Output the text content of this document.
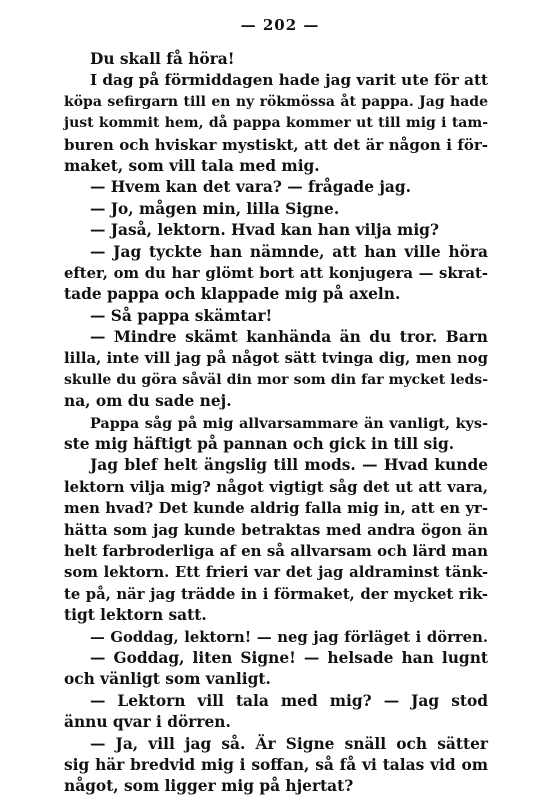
— 202 —
Du skall få höra!
I dag på förmiddagen hade jag varit ute för att
köpa sefirgarn till en ny rökmössa åt pappa. Jag hade
just kommit hem, då pappa kommer ut till mig i tam-
buren och hviskar mystiskt, att det är någon i för-
maket, som vill tala med mig.
— Hvem kan det vara? — frågade jag.
— Jo, mågen min, lilla Signe.
— Jaså, lektorn. Hvad kan han vilja mig?
— Jag tyckte han nämnde, att han ville höra
efter, om du har glömt bort att konjugera — skrat-
tade pappa och klappade mig på axeln.
— Så pappa skämtar!
— Mindre skämt kanhända än du tror. Barn
lilla, inte vill jag på något sätt tvinga dig, men nog
skulle du göra såväl din mor som din far mycket leds-
na, om du sade nej.
Pappa såg på mig allvarsammare än vanligt, kys-
ste mig häftigt på pannan och gick in till sig.
Jag blef helt ängslig till mods. — Hvad kunde
lektorn vilja mig? något vigtigt såg det ut att vara,
men hvad? Det kunde aldrig falla mig in, att en yr-
hätta som jag kunde betraktas med andra ögon än
helt farbroderliga af en så allvarsam och lärd man
som lektorn. Ett frieri var det jag aldraminst tänk-
te på, när jag trädde in i förmaket, der mycket rik-
tigt lektorn satt.
— Goddag, lektorn! — neg jag förläget i dörren.
— Goddag, liten Signe! — helsade han lugnt
och vänligt som vanligt.
— Lektorn vill tala med mig? — Jag stod
ännu qvar i dörren.
— Ja, vill jag så. Är Signe snäll och sätter
sig här bredvid mig i soffan, så få vi talas vid om
något, som ligger mig på hjertat?
